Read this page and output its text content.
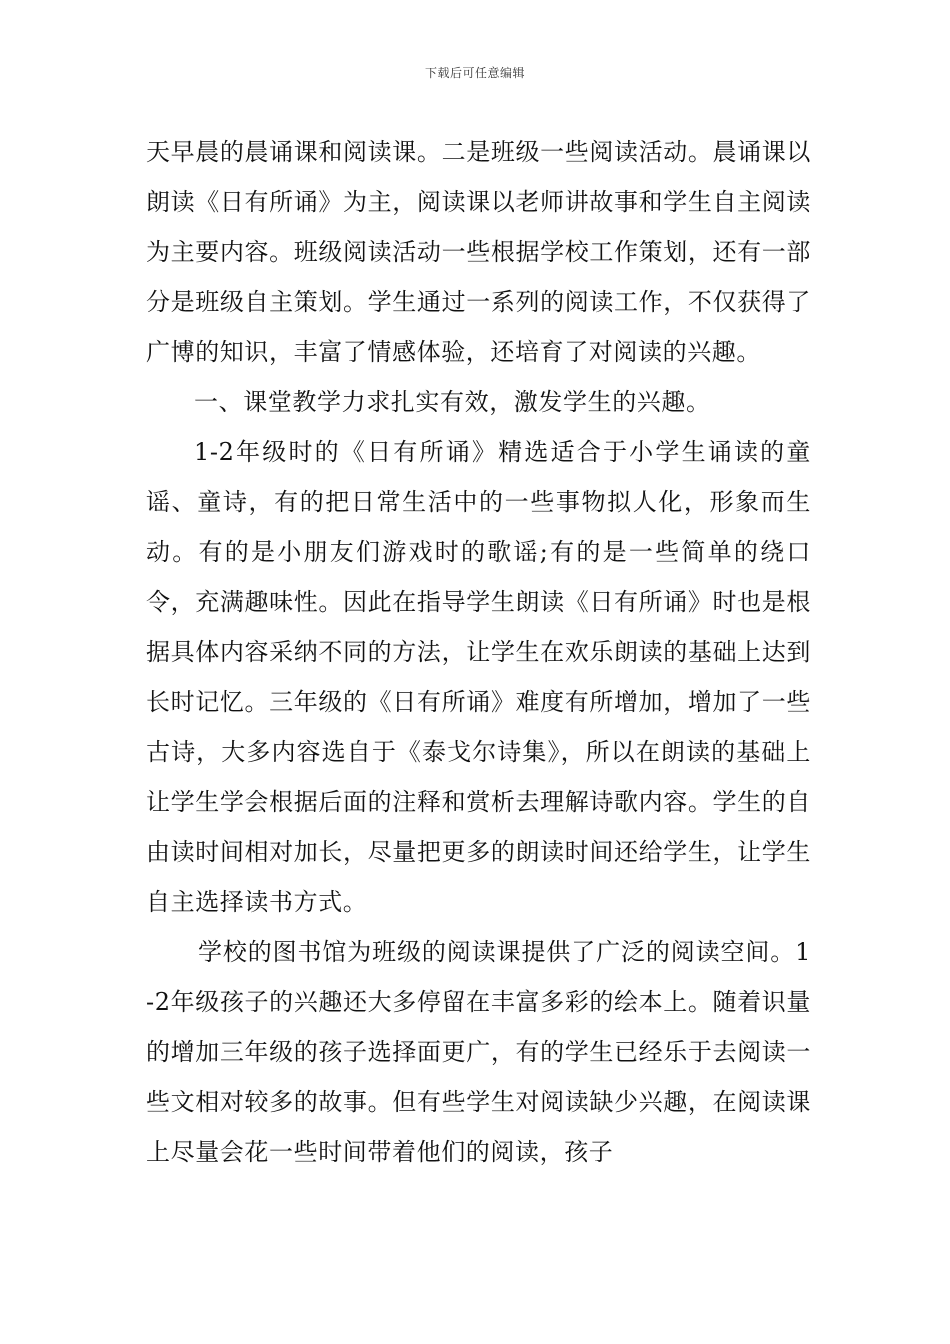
下载后可任意编辑

天早晨的晨诵课和阅读课。二是班级一些阅读活动。晨诵课以朗读《日有所诵》为主，阅读课以老师讲故事和学生自主阅读为主要内容。班级阅读活动一些根据学校工作策划，还有一部分是班级自主策划。学生通过一系列的阅读工作，不仅获得了广博的知识，丰富了情感体验，还培育了对阅读的兴趣。

一、课堂教学力求扎实有效，激发学生的兴趣。

1-2年级时的《日有所诵》精选适合于小学生诵读的童谣、童诗，有的把日常生活中的一些事物拟人化，形象而生动。有的是小朋友们游戏时的歌谣;有的是一些简单的绕口令，充满趣味性。因此在指导学生朗读《日有所诵》时也是根据具体内容采纳不同的方法，让学生在欢乐朗读的基础上达到长时记忆。三年级的《日有所诵》难度有所增加，增加了一些古诗，大多内容选自于《泰戈尔诗集》，所以在朗读的基础上让学生学会根据后面的注释和赏析去理解诗歌内容。学生的自由读时间相对加长，尽量把更多的朗读时间还给学生，让学生自主选择读书方式。

学校的图书馆为班级的阅读课提供了广泛的阅读空间。1-2年级孩子的兴趣还大多停留在丰富多彩的绘本上。随着识量的增加三年级的孩子选择面更广，有的学生已经乐于去阅读一些文相对较多的故事。但有些学生对阅读缺少兴趣，在阅读课上尽量会花一些时间带着他们的阅读，孩子
